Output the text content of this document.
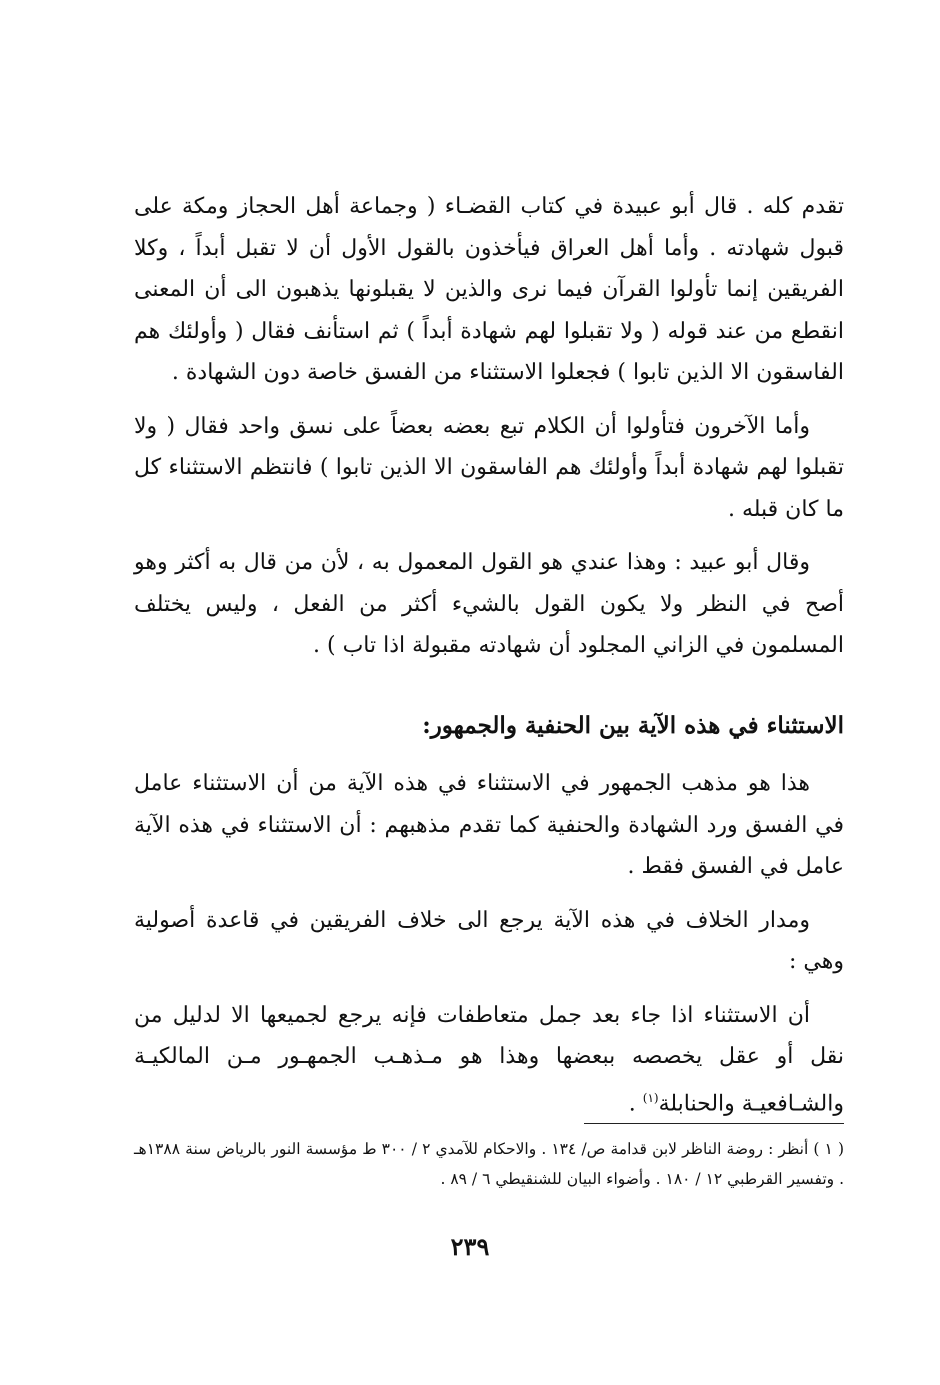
تقدم كله . قال أبو عبيدة في كتاب القضـاء ( وجماعة أهل الحجاز ومكة على قبول شهادته . وأما أهل العراق فيأخذون بالقول الأول أن لا تقبل أبداً ، وكلا الفريقين إنما تأولوا القرآن فيما نرى والذين لا يقبلونها يذهبون الى أن المعنى انقطع من عند قوله ( ولا تقبلوا لهم شهادة أبداً ) ثم استأنف فقال ( وأولئك هم الفاسقون الا الذين تابوا ) فجعلوا الاستثناء من الفسق خاصة دون الشهادة .

وأما الآخرون فتأولوا أن الكلام تبع بعضه بعضاً على نسق واحد فقال ( ولا تقبلوا لهم شهادة أبداً وأولئك هم الفاسقون الا الذين تابوا ) فانتظم الاستثناء كل ما كان قبله .

وقال أبو عبيد : وهذا عندي هو القول المعمول به ، لأن من قال به أكثر وهو أصح في النظر ولا يكون القول بالشيء أكثر من الفعل ، وليس يختلف المسلمون في الزاني المجلود أن شهادته مقبولة اذا تاب ) .

الاستثناء في هذه الآية بين الحنفية والجمهور:

هذا هو مذهب الجمهور في الاستثناء في هذه الآية من أن الاستثناء عامل في الفسق ورد الشهادة والحنفية كما تقدم مذهبهم : أن الاستثناء في هذه الآية عامل في الفسق فقط .

ومدار الخلاف في هذه الآية يرجع الى خلاف الفريقين في قاعدة أصولية وهي :

أن الاستثناء اذا جاء بعد جمل متعاطفات فإنه يرجع لجميعها الا لدليل من نقل أو عقل يخصصه ببعضها وهذا هو مـذهـب الجمهـور مـن المالكيـة والشـافعيـة والحنابلة$^{(١)}$ .

( ١ ) أنظر : روضة الناظر لابن قدامة ص/ ١٣٤ . والاحكام للآمدي ٢ / ٣٠٠ ط مؤسسة النور بالرياض سنة ١٣٨٨هـ . وتفسير القرطبي ١٢ / ١٨٠ . وأضواء البيان للشنقيطي ٦ / ٨٩ .
٢٣٩
